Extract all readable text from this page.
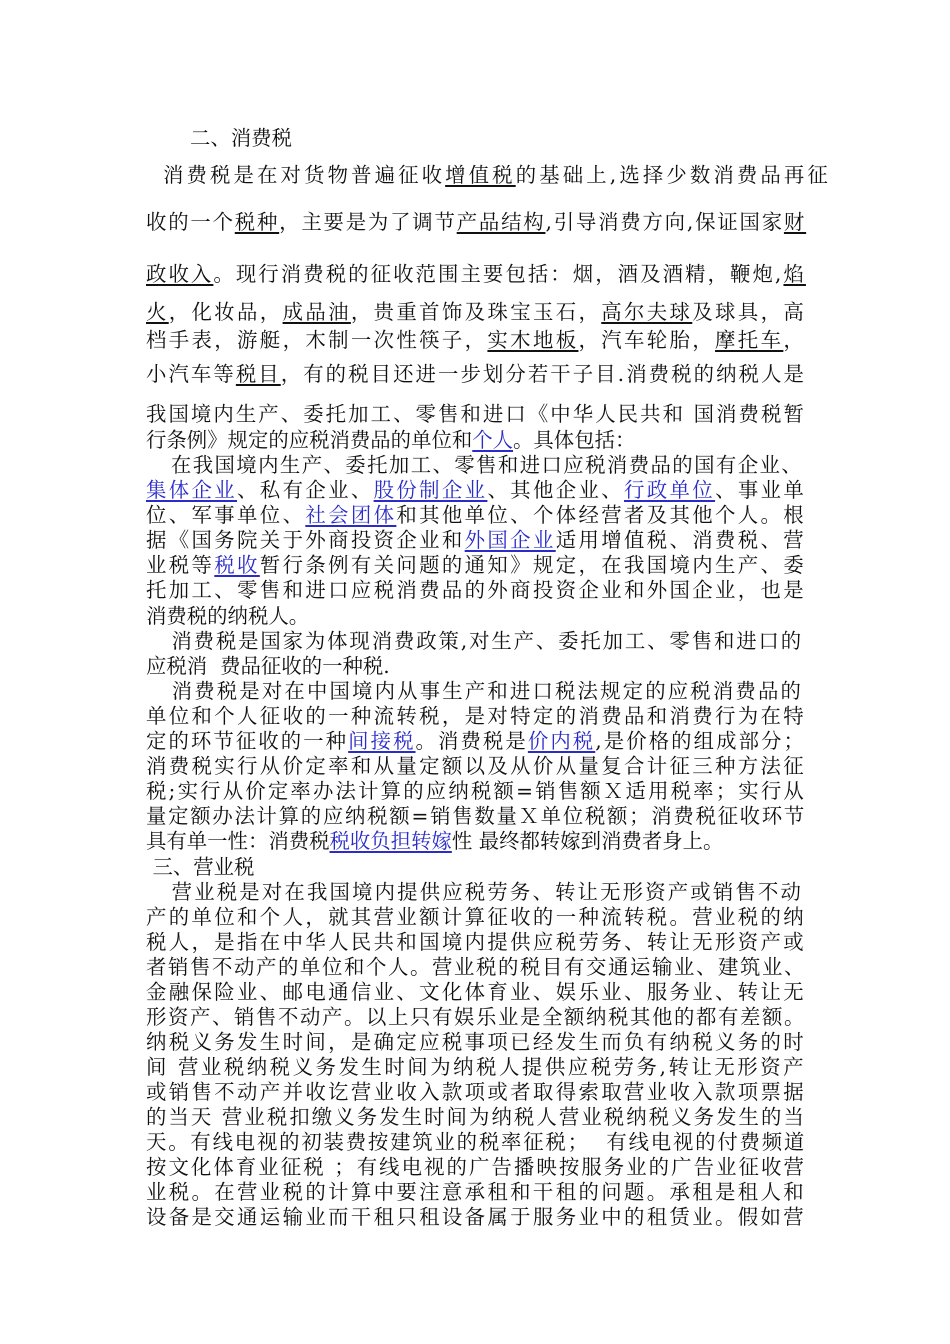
二、消费税
消费税是在对货物普遍征收增值税的基础上,选择少数消费品再征
收的一个税种，主要是为了调节产品结构,引导消费方向,保证国家财
政收入。现行消费税的征收范围主要包括：烟，酒及酒精，鞭炮,焰
火，化妆品，成品油，贵重首饰及珠宝玉石，高尔夫球及球具，高
档手表，游艇，木制一次性筷子，实木地板，汽车轮胎，摩托车，
小汽车等税目，有的税目还进一步划分若干子目.消费税的纳税人是
我国境内生产、委托加工、零售和进口《中华人民共和 国消费税暂
行条例》规定的应税消费品的单位和个人。具体包括：
在我国境内生产、委托加工、零售和进口应税消费品的国有企业、
集体企业、私有企业、股份制企业、其他企业、行政单位、事业单
位、军事单位、社会团体和其他单位、个体经营者及其他个人。根
据《国务院关于外商投资企业和外国企业适用增值税、消费税、营
业税等税收暂行条例有关问题的通知》规定，在我国境内生产、委
托加工、零售和进口应税消费品的外商投资企业和外国企业，也是
消费税的纳税人。
消费税是国家为体现消费政策,对生产、委托加工、零售和进口的
应税消  费品征收的一种税.
消费税是对在中国境内从事生产和进口税法规定的应税消费品的
单位和个人征收的一种流转税，是对特定的消费品和消费行为在特
定的环节征收的一种间接税。消费税是价内税,是价格的组成部分；
消费税实行从价定率和从量定额以及从价从量复合计征三种方法征
税;实行从价定率办法计算的应纳税额=销售额Ｘ适用税率；实行从
量定额办法计算的应纳税额=销售数量Ｘ单位税额；消费税征收环节
具有单一性：消费税税收负担转嫁性 最终都转嫁到消费者身上。
三、营业税
营业税是对在我国境内提供应税劳务、转让无形资产或销售不动
产的单位和个人，就其营业额计算征收的一种流转税。营业税的纳
税人，是指在中华人民共和国境内提供应税劳务、转让无形资产或
者销售不动产的单位和个人。营业税的税目有交通运输业、建筑业、
金融保险业、邮电通信业、文化体育业、娱乐业、服务业、转让无
形资产、销售不动产。以上只有娱乐业是全额纳税其他的都有差额。
纳税义务发生时间，是确定应税事项已经发生而负有纳税义务的时
间 营业税纳税义务发生时间为纳税人提供应税劳务,转让无形资产
或销售不动产并收讫营业收入款项或者取得索取营业收入款项票据
的当天 营业税扣缴义务发生时间为纳税人营业税纳税义务发生的当
天。有线电视的初装费按建筑业的税率征税；  有线电视的付费频道
按文化体育业征税 ；有线电视的广告播映按服务业的广告业征收营
业税。在营业税的计算中要注意承租和干租的问题。承租是租人和
设备是交通运输业而干租只租设备属于服务业中的租赁业。假如营
